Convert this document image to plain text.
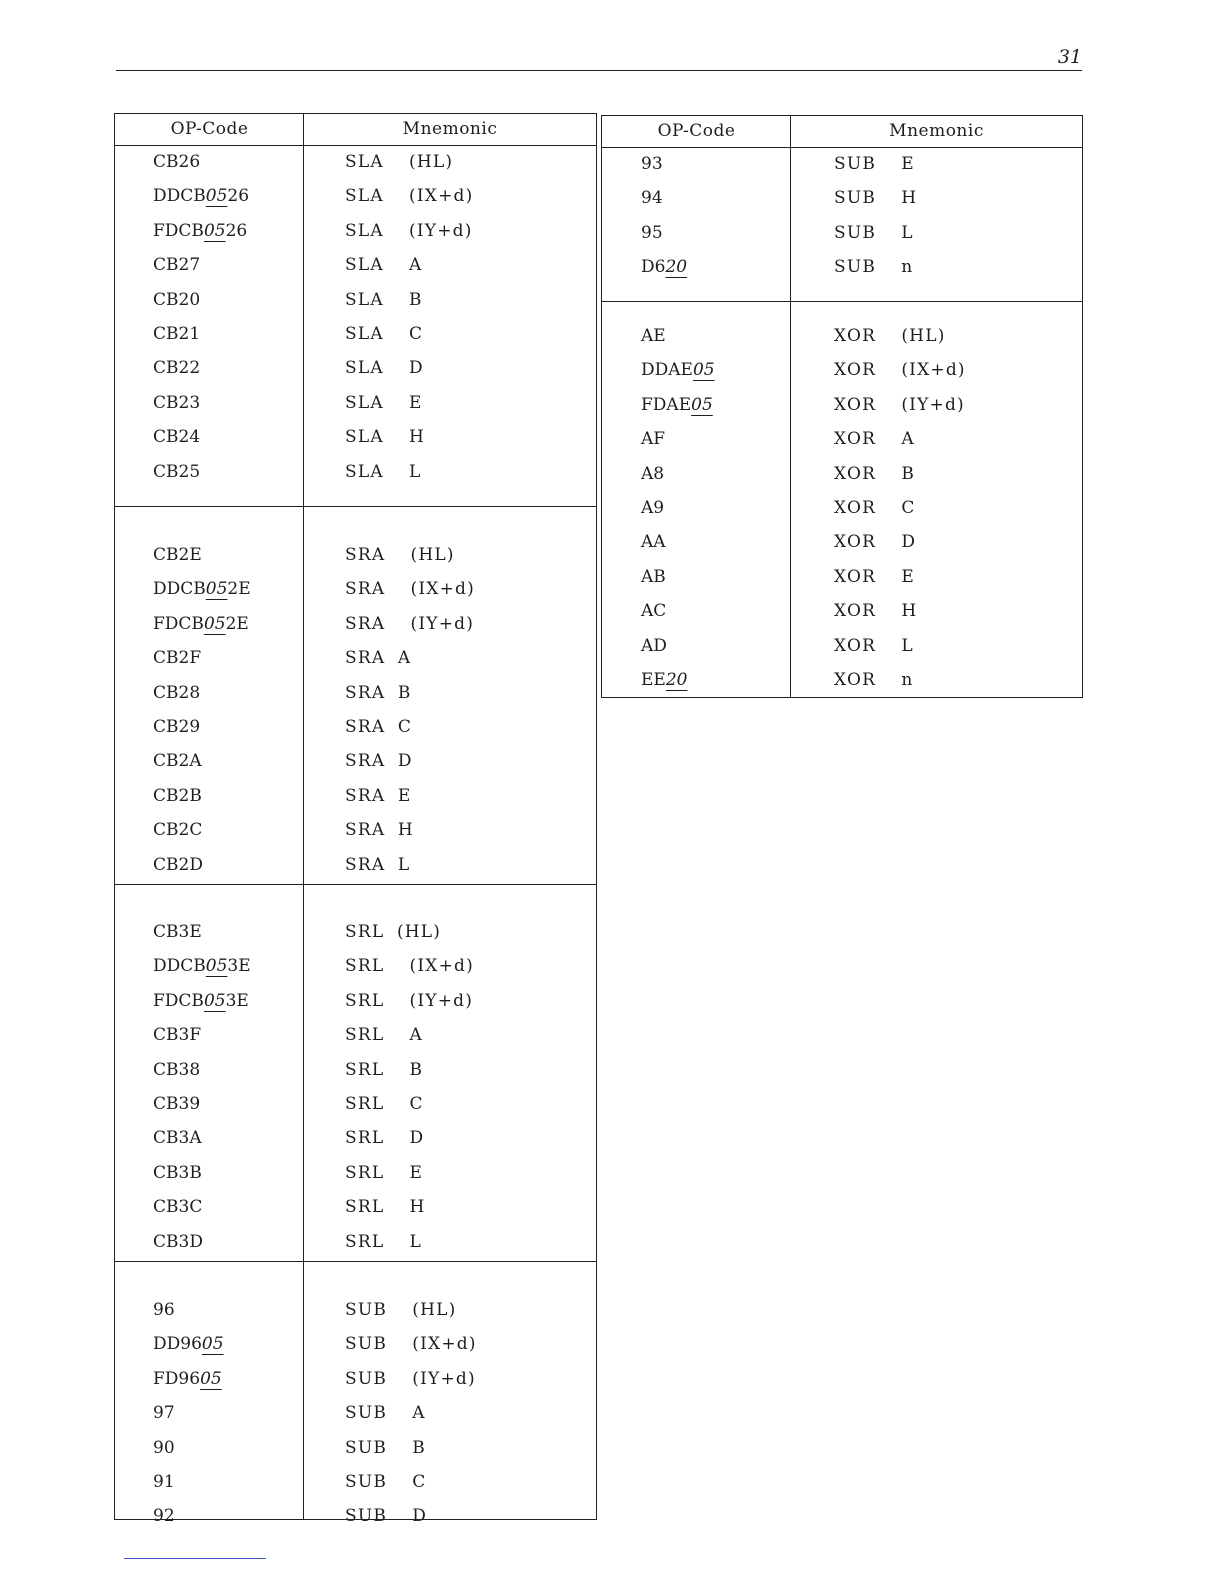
31
OP-Code	Mnemonic
CB26	SLA  (HL)
DDCB0526	SLA  (IX+d)
FDCB0526	SLA  (IY+d)
CB27	SLA  A
CB20	SLA  B
CB21	SLA  C
CB22	SLA  D
CB23	SLA  E
CB24	SLA  H
CB25	SLA  L
CB2E	SRA  (HL)
DDCB052E	SRA  (IX+d)
FDCB052E	SRA  (IY+d)
CB2F	SRA A
CB28	SRA B
CB29	SRA C
CB2A	SRA D
CB2B	SRA E
CB2C	SRA H
CB2D	SRA L
CB3E	SRL (HL)
DDCB053E	SRL  (IX+d)
FDCB053E	SRL  (IY+d)
CB3F	SRL  A
CB38	SRL  B
CB39	SRL  C
CB3A	SRL  D
CB3B	SRL  E
CB3C	SRL  H
CB3D	SRL  L
96	SUB  (HL)
DD9605	SUB  (IX+d)
FD9605	SUB  (IY+d)
97	SUB  A
90	SUB  B
91	SUB  C
92	SUB  D
OP-Code	Mnemonic
93	SUB  E
94	SUB  H
95	SUB  L
D620	SUB  n
AE	XOR  (HL)
DDAE05	XOR  (IX+d)
FDAE05	XOR  (IY+d)
AF	XOR  A
A8	XOR  B
A9	XOR  C
AA	XOR  D
AB	XOR  E
AC	XOR  H
AD	XOR  L
EE20	XOR  n
